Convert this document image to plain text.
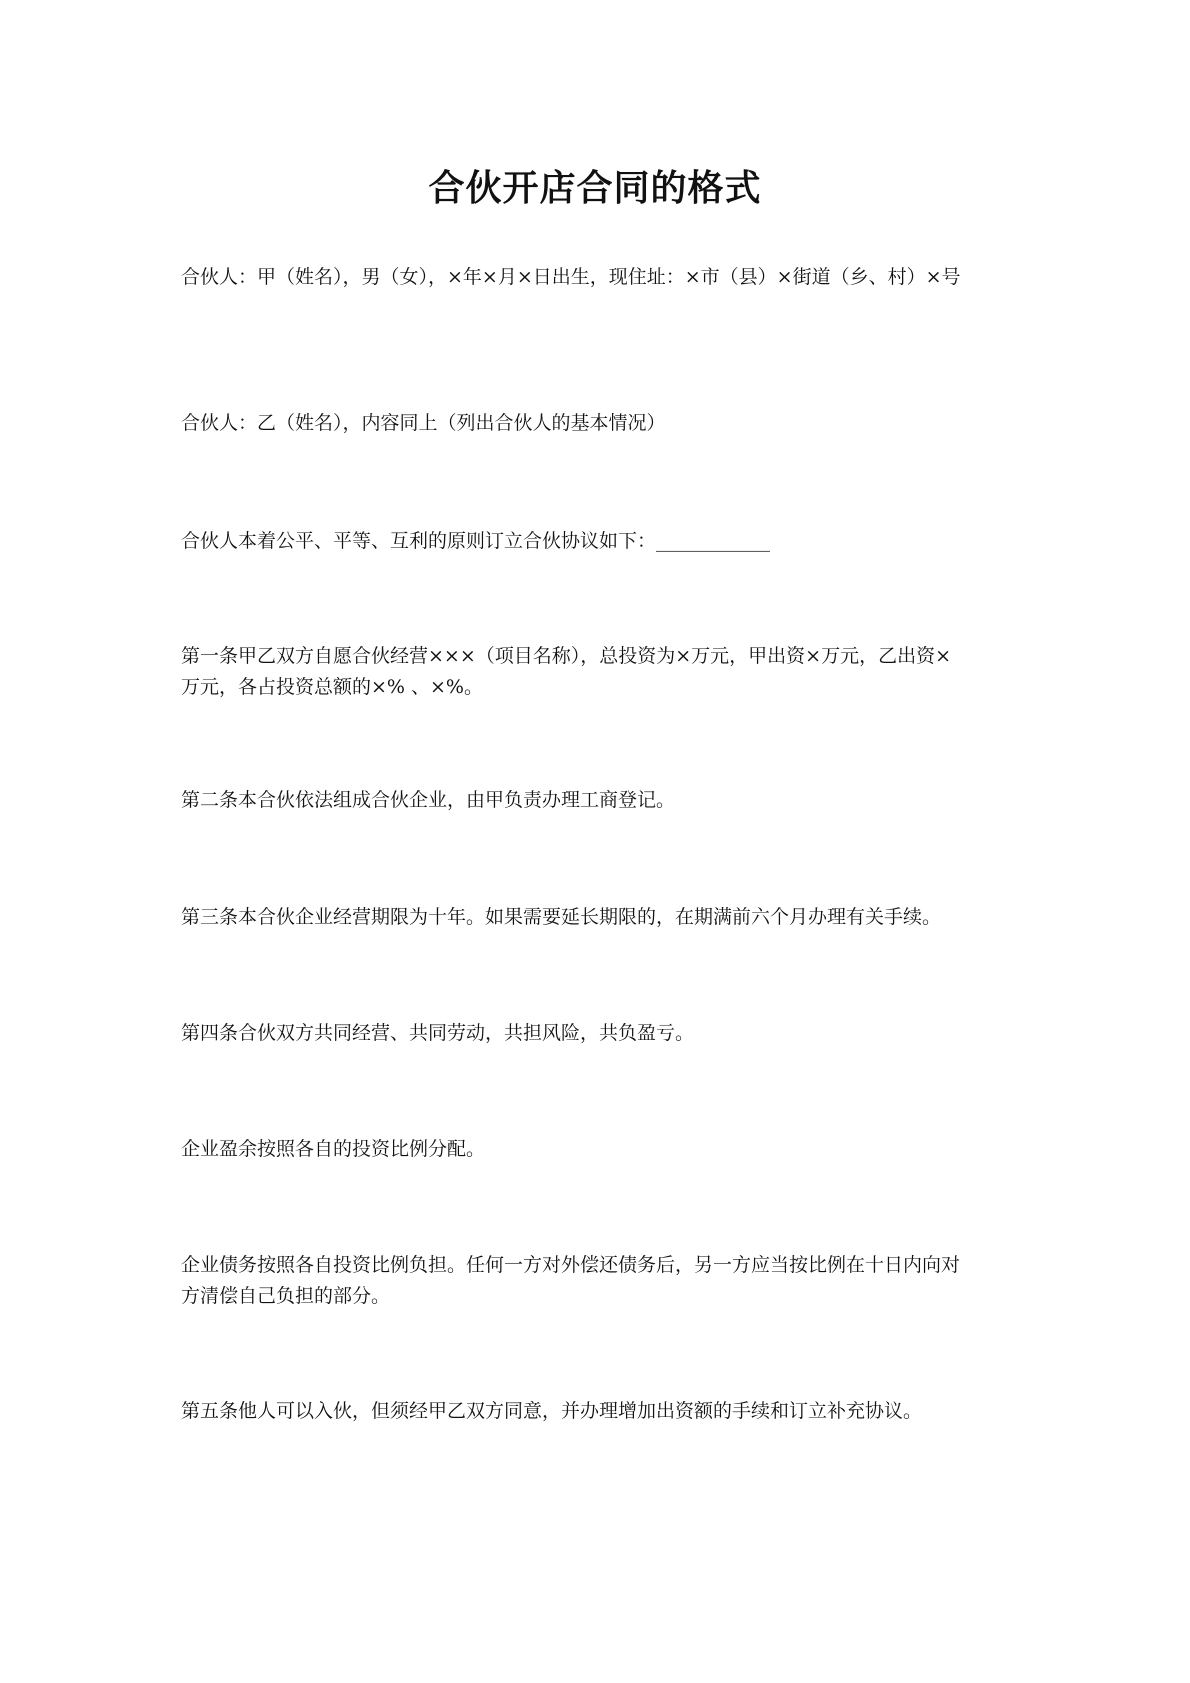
合伙开店合同的格式

合伙人：甲（姓名），男（女），×年×月×日出生，现住址：×市（县）×街道（乡、村）×号

合伙人：乙（姓名），内容同上（列出合伙人的基本情况）

合伙人本着公平、平等、互利的原则订立合伙协议如下：____________

第一条甲乙双方自愿合伙经营×××（项目名称），总投资为×万元，甲出资×万元，乙出资×万元，各占投资总额的×% 、×%。

第二条本合伙依法组成合伙企业，由甲负责办理工商登记。

第三条本合伙企业经营期限为十年。如果需要延长期限的，在期满前六个月办理有关手续。

第四条合伙双方共同经营、共同劳动，共担风险，共负盈亏。

企业盈余按照各自的投资比例分配。

企业债务按照各自投资比例负担。任何一方对外偿还债务后，另一方应当按比例在十日内向对方清偿自己负担的部分。

第五条他人可以入伙，但须经甲乙双方同意，并办理增加出资额的手续和订立补充协议。
